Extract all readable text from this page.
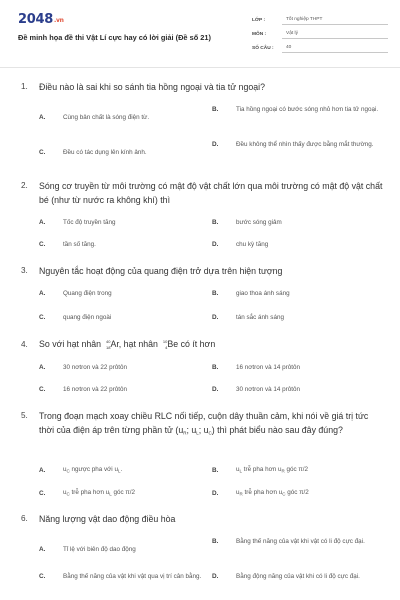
2048.vn
Đề minh họa đề thi Vật Lí cực hay có lời giải (Đề số 21)
LỚP :	Tốt nghiệp THPT
MÔN :	Vật lý
SỐ CÂU :	40
1. Điều nào là sai khi so sánh tia hồng ngoại và tia tử ngoại?
A.	Cùng bản chất là sóng điện từ.
B.	Tia hồng ngoại có bước sóng nhỏ hơn tia tử ngoại.
C.	Đều có tác dụng lên kính ảnh.
D.	Đều không thể nhìn thấy được bằng mắt thường.
2. Sóng cơ truyền từ môi trường có mật độ vật chất lớn qua môi trường có mật độ vật chất bé (như từ nước ra không khí) thì
A.	Tốc độ truyền tăng	B.	bước sóng giảm
C.	tần số tăng.	D.	chu kỳ tăng
3. Nguyên tắc hoạt động của quang điện trở dựa trên hiện tượng
A.	Quang điện trong	B.	giao thoa ánh sáng
C.	quang điện ngoài	D.	tán sắc ánh sáng
4. So với hạt nhân 40
18 Ar, hạt nhân 10
4 Be có ít hơn
A.	30 nơtron và 22 prôtôn	B.	16 nơtron và 14 prôtôn
C.	16 nơtron và 22 prôtôn	D.	30 nơtron và 14 prôtôn
5. Trong đoạn mạch xoay chiều RLC nối tiếp, cuộn dây thuần cảm, khi nói về giá trị tức thời của điện áp trên từng phần tử ($u_R$; $u_L$; $u_C$) thì phát biểu nào sau đây đúng?
A.	$u_C$ ngược pha với $u_L$.	B.	$u_L$ trễ pha hơn $u_R$ góc π/2
C.	$u_C$ trễ pha hơn $u_L$ góc π/2	D.	$u_R$ trễ pha hơn $u_C$ góc π/2
6. Năng lượng vật dao động điều hòa
A.	Tỉ lệ với biên độ dao động
B.	Bằng thế năng của vật khi vật có li độ cực đại.
C.	Bằng thế năng của vật khi vật qua vị trí cân bằng. D.	Bằng động năng của vật khi có li độ cực đại.
